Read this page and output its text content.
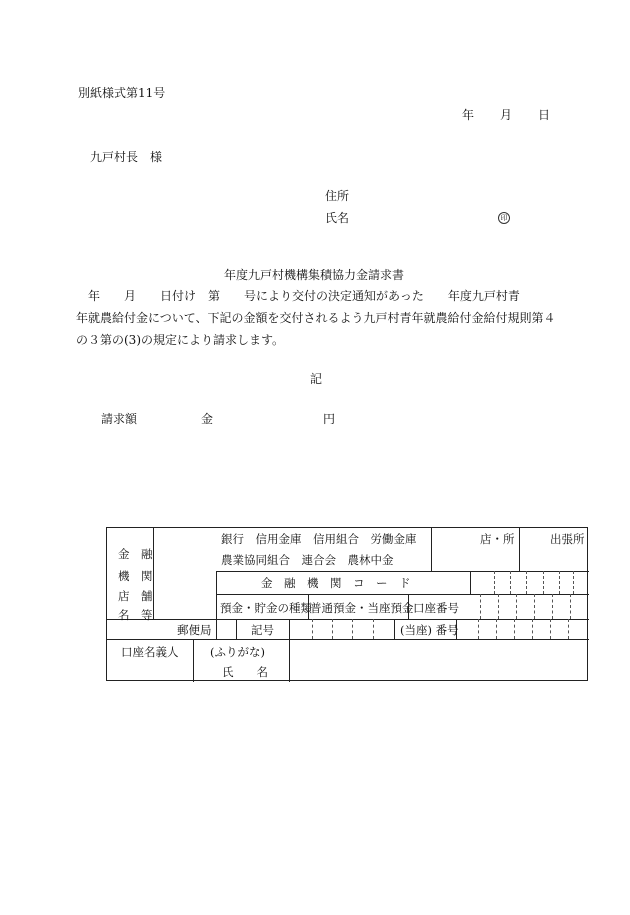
別紙様式第11号
年 月 日
九戸村長　様
住所
氏名	印
年度九戸村機構集積協力金請求書
　年　　月　　日付け　第　　号により交付の決定通知があった　　年度九戸村青
年就農給付金について、下記の金額を交付されるよう九戸村青年就農給付金給付規則第４
の３第の(3)の規定により請求します。
記
請求額	金	円
金　融
機　関
店　舗
名　等
銀行　信用金庫　信用組合　労働金庫
農業協同組合　連合会　農林中金
店・所	出張所
金　融　機　関　コ　ー　ド
預金・貯金の種類
普通預金・当座預金 口座番号
郵便局	記号	(当座) 番号
口座名義人	(ふりがな)
氏　　名
